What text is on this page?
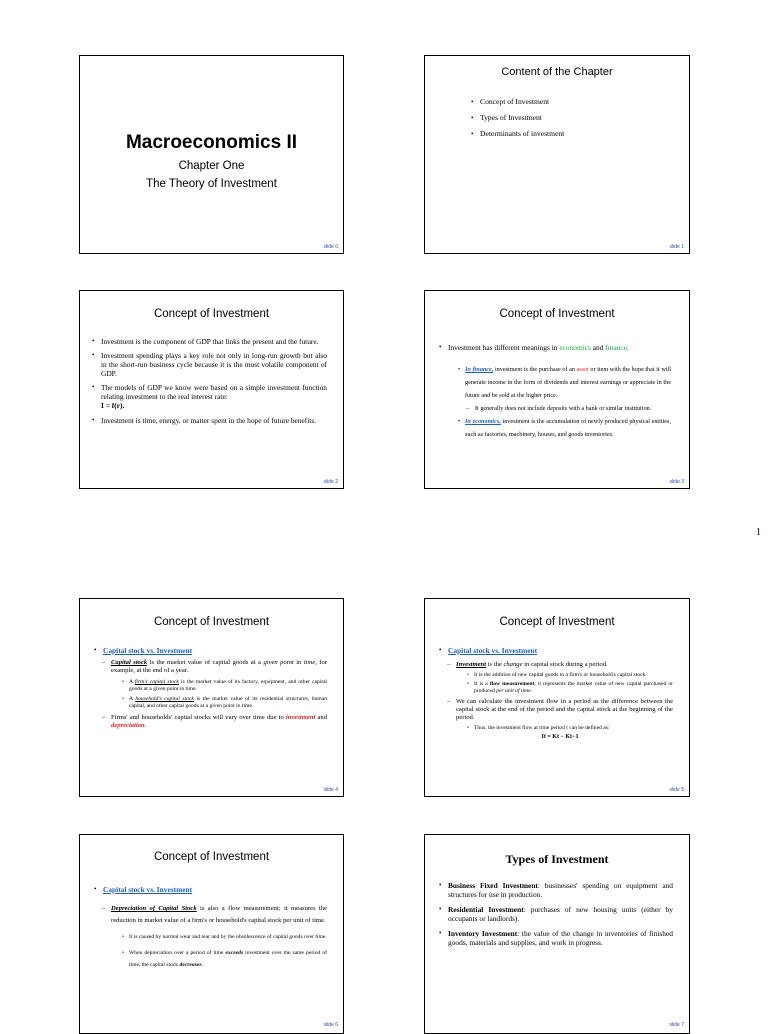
Macroeconomics II
Chapter One
The Theory of Investment
slide 0
Content of the Chapter
• Concept of Investment
• Types of Investment
• Determinants of investment
slide 1
Concept of Investment
• Investment is the component of GDP that links the present and the future.
• Investment spending plays a key role not only in long-run growth but also in the short-run business cycle because it is the most volatile component of GDP.
• The models of GDP we know were based on a simple investment function relating investment to the real interest rate:
I = f(r).
• Investment is time, energy, or matter spent in the hope of future benefits.
slide 2
Concept of Investment
• Investment has different meanings in economics and finance.
• In finance, investment is the purchase of an asset or item with the hope that it will generate income in the form of dividends and interest earnings or appreciate in the future and be sold at the higher price.
– It generally does not include deposits with a bank or similar institution.
• In economics, investment is the accumulation of newly produced physical entities, such as factories, machinery, houses, and goods inventories.
slide 3
1
Concept of Investment
• Capital stock vs. Investment
– Capital stock is the market value of capital goods at a given point in time, for example, at the end of a year.
• A firm's capital stock is the market value of its factory, equipment, and other capital goods at a given point in time.
• A household's capital stock is the market value of its residential structures, human capital, and other capital goods at a given point in time.
– Firms' and households' capital stocks will vary over time due to investment and depreciation.
slide 4
Concept of Investment
• Capital stock vs. Investment
– Investment is the change in capital stock during a period.
• It is the addition of new capital goods to a firm's or household's capital stock.
• It is a flow measurement; it represents the market value of new capital purchased or produced per unit of time.
– We can calculate the investment flow in a period as the difference between the capital stock at the end of the period and the capital stock at the beginning of the period.
• Thus, the investment flow at time period t can be defined as:
It = Kt − Kt−1
slide 5
Concept of Investment
• Capital stock vs. Investment
– Depreciation of Capital Stock is also a flow measurement; it measures the reduction in market value of a firm's or household's capital stock per unit of time.
• It is caused by normal wear and tear and by the obsolescence of capital goods over time.
• When depreciation over a period of time exceeds investment over the same period of time, the capital stock decreases.
slide 6
Types of Investment
• Business Fixed Investment: businesses' spending on equipment and structures for use in production.
• Residential Investment: purchases of new housing units (either by occupants or landlords).
• Inventory Investment: the value of the change in inventories of finished goods, materials and supplies, and work in progress.
slide 7
